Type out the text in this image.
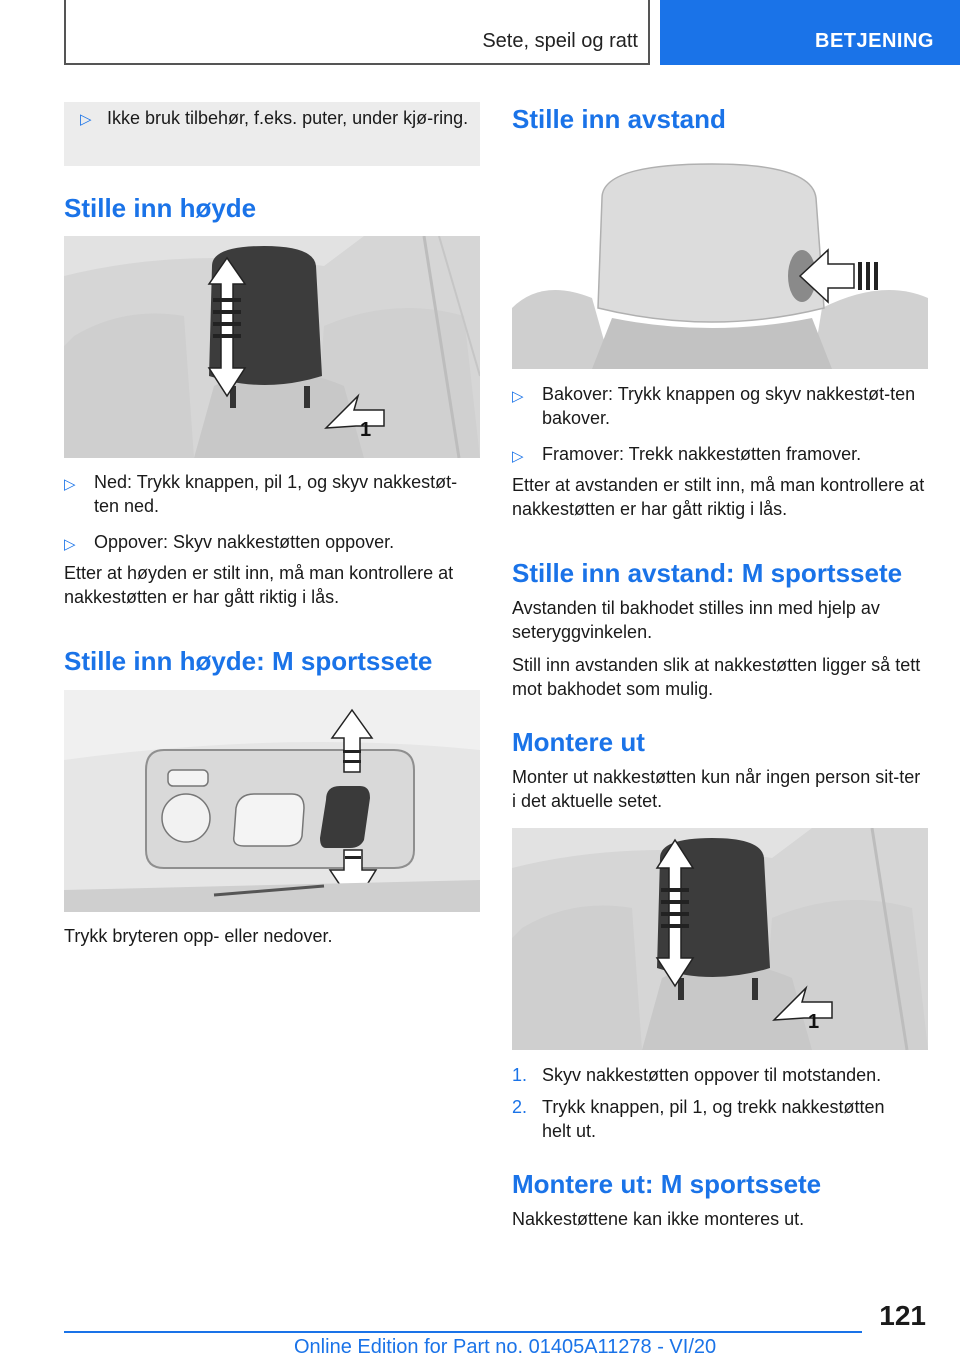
Sete, speil og ratt	BETJENING
▷ Ikke bruk tilbehør, f.eks. puter, under kjø-ring.
Stille inn høyde
1
▷ Ned: Trykk knappen, pil 1, og skyv nakkestøt-ten ned.
▷ Oppover: Skyv nakkestøtten oppover.
Etter at høyden er stilt inn, må man kontrollere at nakkestøtten er har gått riktig i lås.
Stille inn høyde: M sportssete
Trykk bryteren opp- eller nedover.
Stille inn avstand
▷ Bakover: Trykk knappen og skyv nakkestøt-ten bakover.
▷ Framover: Trekk nakkestøtten framover.
Etter at avstanden er stilt inn, må man kontrollere at nakkestøtten er har gått riktig i lås.
Stille inn avstand: M sportssete
Avstanden til bakhodet stilles inn med hjelp av seteryggvinkelen.
Still inn avstanden slik at nakkestøtten ligger så tett mot bakhodet som mulig.
Montere ut
Monter ut nakkestøtten kun når ingen person sit-ter i det aktuelle setet.
1
1. Skyv nakkestøtten oppover til motstanden.
2. Trykk knappen, pil 1, og trekk nakkestøtten helt ut.
Montere ut: M sportssete
Nakkestøttene kan ikke monteres ut.
121
Online Edition for Part no. 01405A11278 - VI/20
